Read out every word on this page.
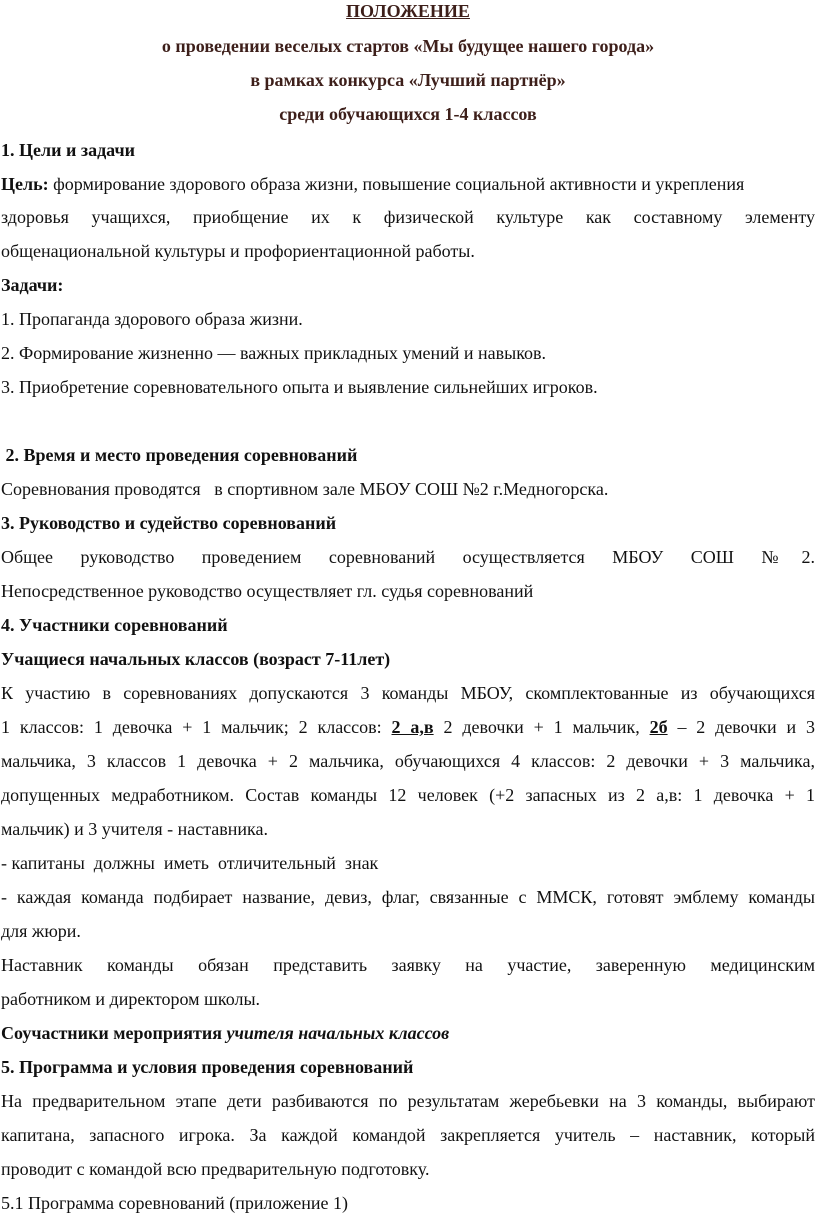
ПОЛОЖЕНИЕ
о проведении веселых стартов «Мы будущее нашего города»
в рамках конкурса «Лучший партнёр»
среди обучающихся 1-4 классов
1. Цели и задачи
Цель: формирование здорового образа жизни, повышение социальной активности и укрепления
здоровья учащихся, приобщение их к физической культуре как составному элементу
общенациональной культуры и профориентационной работы.
Задачи:
1. Пропаганда здорового образа жизни.
2. Формирование жизненно — важных прикладных умений и навыков.
3. Приобретение соревновательного опыта и выявление сильнейших игроков.
2. Время и место проведения соревнований
Соревнования проводятся   в спортивном зале МБОУ СОШ №2 г.Медногорска.
3. Руководство и судейство соревнований
Общее руководство проведением соревнований осуществляется МБОУ СОШ №2.
Непосредственное руководство осуществляет гл. судья соревнований
4. Участники соревнований
Учащиеся начальных классов (возраст 7-11лет)
К участию в соревнованиях допускаются 3 команды МБОУ, скомплектованные из обучающихся
1 классов: 1 девочка + 1 мальчик; 2 классов: 2 а,в 2 девочки + 1 мальчик, 2б – 2 девочки и 3
мальчика, 3 классов 1 девочка + 2 мальчика, обучающихся 4 классов: 2 девочки + 3 мальчика,
допущенных медработником. Состав команды 12 человек (+2 запасных из 2 а,в: 1 девочка + 1
мальчик) и 3 учителя - наставника.
- капитаны  должны  иметь  отличительный  знак
- каждая команда подбирает название, девиз, флаг, связанные с ММСК, готовят эмблему команды
для жюри.
Наставник команды обязан представить заявку на участие, заверенную медицинским
работником и директором школы.
Соучастники мероприятия учителя начальных классов
5. Программа и условия проведения соревнований
На предварительном этапе дети разбиваются по результатам жеребьевки на 3 команды, выбирают
капитана, запасного игрока. За каждой командой закрепляется учитель – наставник, который
проводит с командой всю предварительную подготовку.
5.1 Программа соревнований (приложение 1)
